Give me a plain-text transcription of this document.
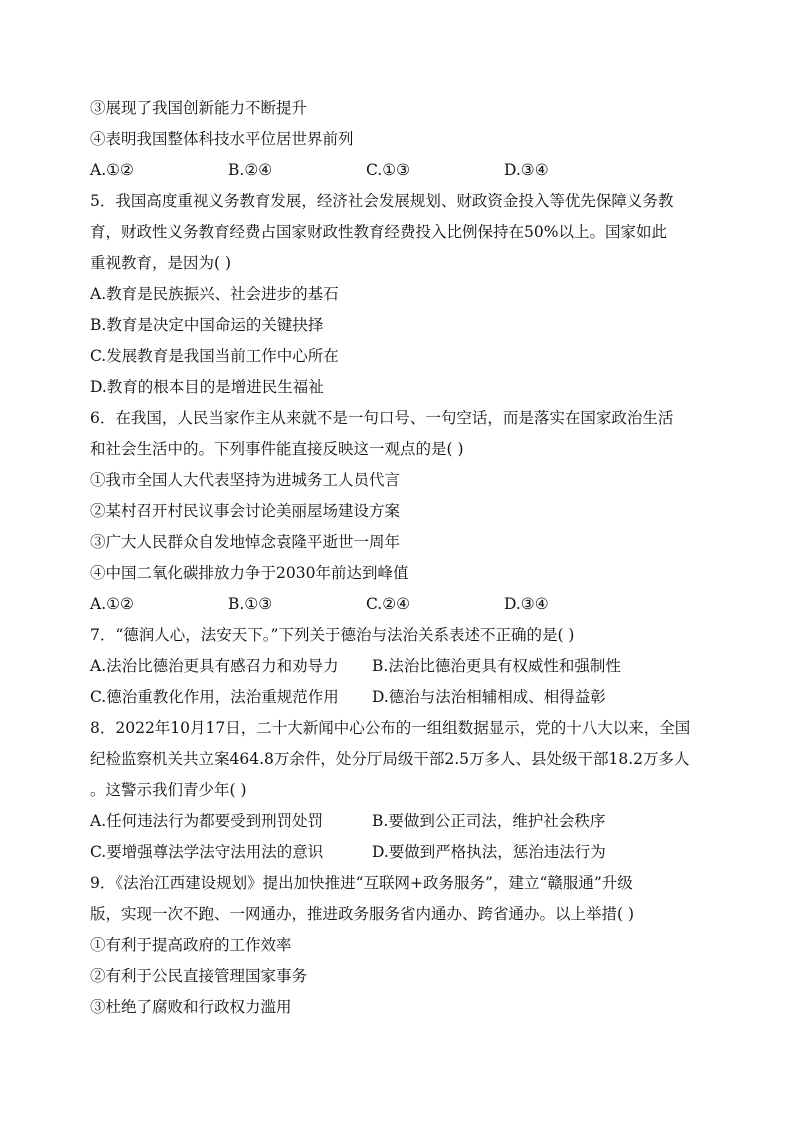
③展现了我国创新能力不断提升
④表明我国整体科技水平位居世界前列
A.①②	B.②④	C.①③	D.③④
5．我国高度重视义务教育发展，经济社会发展规划、财政资金投入等优先保障义务教
育，财政性义务教育经费占国家财政性教育经费投入比例保持在50%以上。国家如此
重视教育，是因为( )
A.教育是民族振兴、社会进步的基石
B.教育是决定中国命运的关键抉择
C.发展教育是我国当前工作中心所在
D.教育的根本目的是增进民生福祉
6．在我国，人民当家作主从来就不是一句口号、一句空话，而是落实在国家政治生活
和社会生活中的。下列事件能直接反映这一观点的是( )
①我市全国人大代表坚持为进城务工人员代言
②某村召开村民议事会讨论美丽屋场建设方案
③广大人民群众自发地悼念袁隆平逝世一周年
④中国二氧化碳排放力争于2030年前达到峰值
A.①②	B.①③	C.②④	D.③④
7．“德润人心，法安天下。”下列关于德治与法治关系表述不正确的是( )
A.法治比德治更具有感召力和劝导力	B.法治比德治更具有权威性和强制性
C.德治重教化作用，法治重规范作用	D.德治与法治相辅相成、相得益彰
8．2022年10月17日，二十大新闻中心公布的一组组数据显示，党的十八大以来，全国
纪检监察机关共立案464.8万余件，处分厅局级干部2.5万多人、县处级干部18.2万多人
。这警示我们青少年( )
A.任何违法行为都要受到刑罚处罚	B.要做到公正司法，维护社会秩序
C.要增强尊法学法守法用法的意识	D.要做到严格执法，惩治违法行为
9．《法治江西建设规划》提出加快推进“互联网+政务服务”，建立“赣服通”升级
版，实现一次不跑、一网通办，推进政务服务省内通办、跨省通办。以上举措( )
①有利于提高政府的工作效率
②有利于公民直接管理国家事务
③杜绝了腐败和行政权力滥用
